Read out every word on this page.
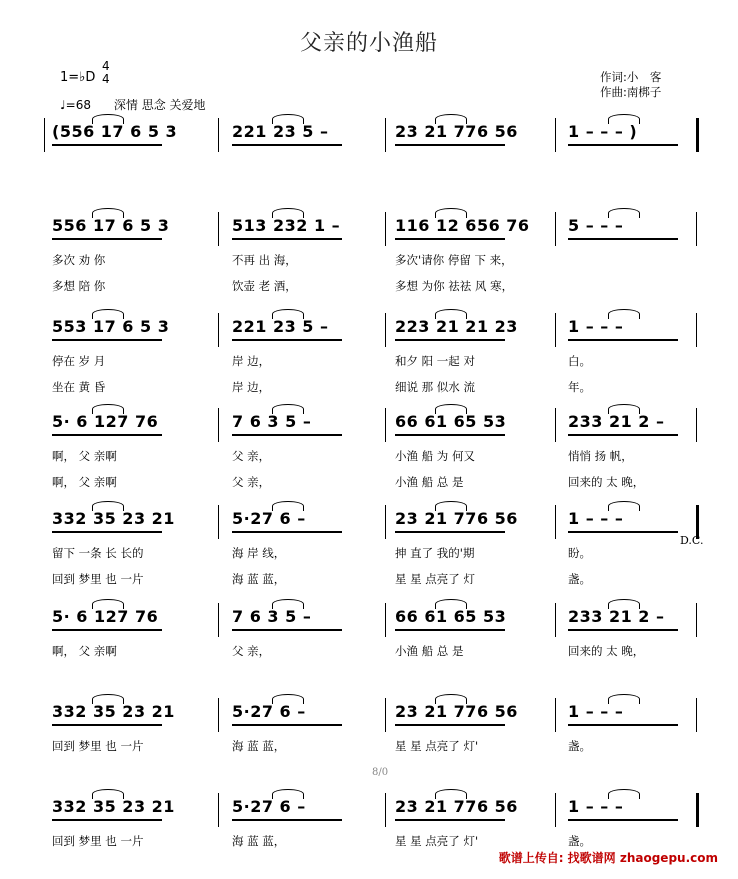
父亲的小渔船
1=♭D
4
4
♩=68 深情 思念 关爱地
作词:小　客
作曲:南梆子
(556 17 6 5 3	221 23 5 –	23 21 776 56	1 – – – )
556 17 6 5 3
多次 劝 你
多想 陪 你
513 232 1 –
不再 出 海，
饮壶 老 酒，
116 12 656 76
多次'请你 停留 下 来，
多想 为你 祛祛 风 寒，
5 – – –
553 17 6 5 3
停在 岁 月
坐在 黄 昏
221 23 5 –
岸 边，
岸 边，
223 21 21 23
和夕 阳 一起 对
细说 那 似水 流
1 – – –
白。
年。
5· 6 127 76
啊， 父 亲啊
啊， 父 亲啊
7 6 3 5 –
父 亲，
父 亲，
66 61 65 53
小渔 船 为 何又
小渔 船 总 是
233 21 2 –
悄悄 扬 帆，
回来的 太 晚，
332 35 23 21
留下 一条 长 长的
回到 梦里 也 一片
5·27 6 –
海 岸 线，
海 蓝 蓝，
23 21 776 56
抻 直了 我的'期
星 星 点亮了 灯
1 – – –
盼。
盏。
5· 6 127 76
啊， 父 亲啊
7 6 3 5 –
父 亲，
66 61 65 53
小渔 船 总 是
233 21 2 –
回来的 太 晚，
332 35 23 21
回到 梦里 也 一片
5·27 6 –
海 蓝 蓝，
23 21 776 56
星 星 点亮了 灯'
1 – – –
盏。
332 35 23 21
回到 梦里 也 一片
5·27 6 –
海 蓝 蓝，
23 21 776 56
星 星 点亮了 灯'
1 – – –
盏。
D.C.
8/0
歌谱上传自: 找歌谱网 zhaogepu.com
